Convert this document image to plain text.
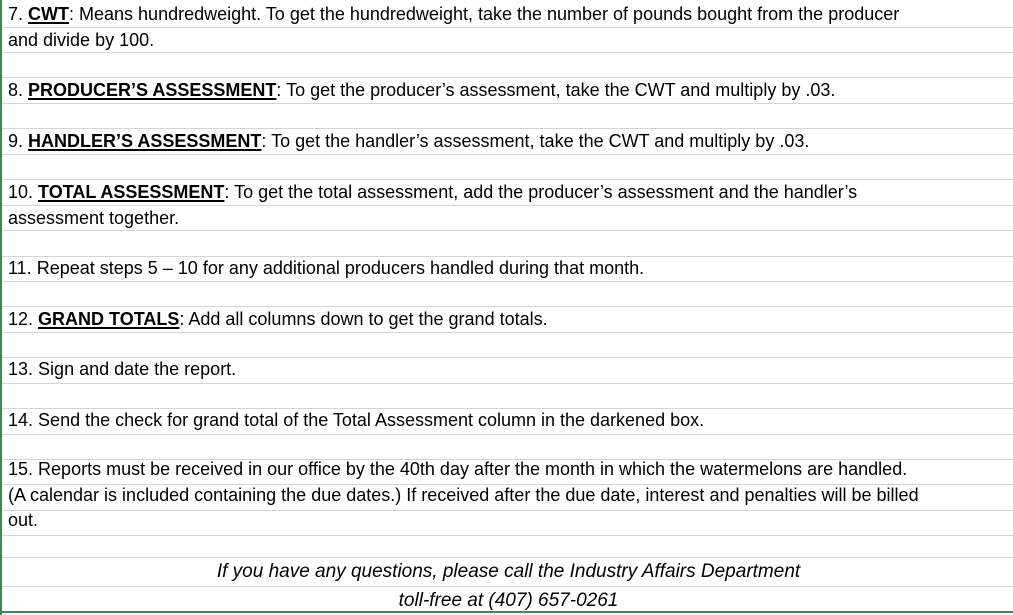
7. CWT: Means hundredweight. To get the hundredweight, take the number of pounds bought from the producer
and divide by 100.
8. PRODUCER’S ASSESSMENT: To get the producer’s assessment, take the CWT and multiply by .03.
9. HANDLER’S ASSESSMENT: To get the handler’s assessment, take the CWT and multiply by .03.
10. TOTAL ASSESSMENT: To get the total assessment, add the producer’s assessment and the handler’s
assessment together.
11. Repeat steps 5 – 10 for any additional producers handled during that month.
12. GRAND TOTALS: Add all columns down to get the grand totals.
13. Sign and date the report.
14. Send the check for grand total of the Total Assessment column in the darkened box.
15. Reports must be received in our office by the 40th day after the month in which the watermelons are handled.
(A calendar is included containing the due dates.) If received after the due date, interest and penalties will be billed
out.
If you have any questions, please call the Industry Affairs Department
toll-free at (407) 657-0261
